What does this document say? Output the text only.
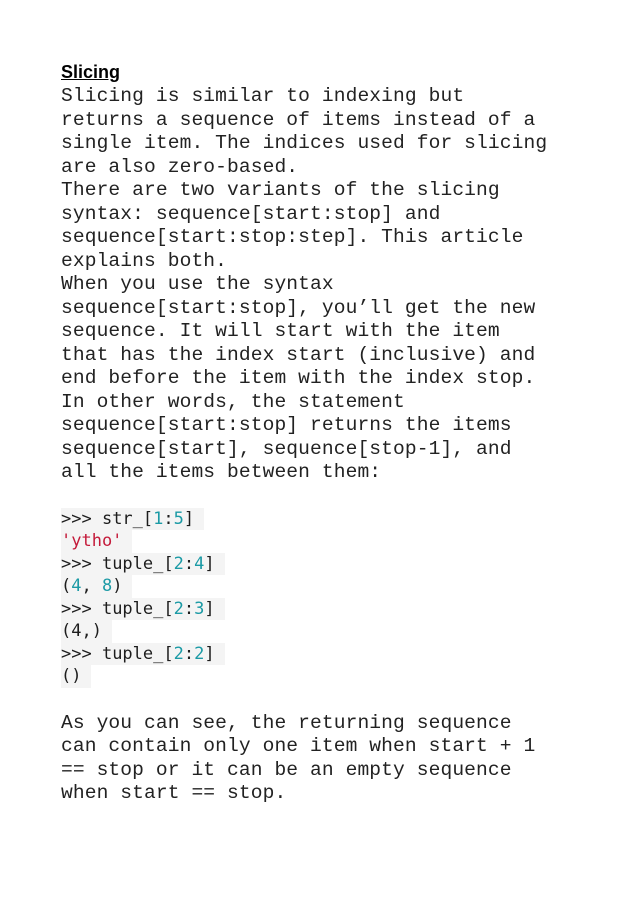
Slicing
Slicing is similar to indexing but
returns a sequence of items instead of a
single item. The indices used for slicing
are also zero-based.
There are two variants of the slicing
syntax: sequence[start:stop] and
sequence[start:stop:step]. This article
explains both.
When you use the syntax
sequence[start:stop], you’ll get the new
sequence. It will start with the item
that has the index start (inclusive) and
end before the item with the index stop.
In other words, the statement
sequence[start:stop] returns the items
sequence[start], sequence[stop-1], and
all the items between them:
>>> str_[1:5]
'ytho'
>>> tuple_[2:4]
(4, 8)
>>> tuple_[2:3]
(4,)
>>> tuple_[2:2]
()
As you can see, the returning sequence
can contain only one item when start + 1
== stop or it can be an empty sequence
when start == stop.
